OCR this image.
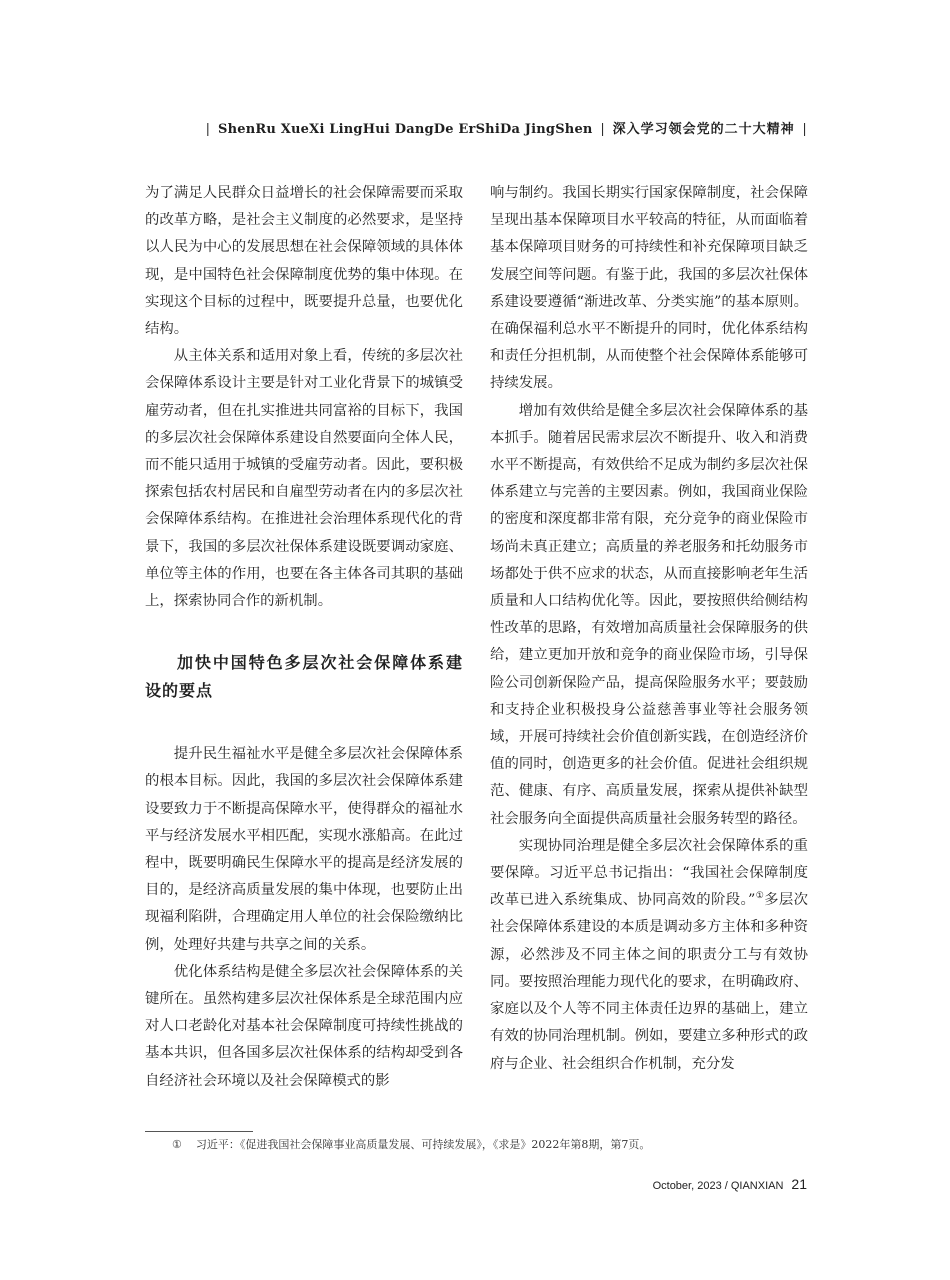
| ShenRu XueXi LingHui DangDe ErShiDa JingShen | 深入学习领会党的二十大精神 |

为了满足人民群众日益增长的社会保障需要而采取的改革方略，是社会主义制度的必然要求，是坚持以人民为中心的发展思想在社会保障领域的具体体现，是中国特色社会保障制度优势的集中体现。在实现这个目标的过程中，既要提升总量，也要优化结构。

从主体关系和适用对象上看，传统的多层次社会保障体系设计主要是针对工业化背景下的城镇受雇劳动者，但在扎实推进共同富裕的目标下，我国的多层次社会保障体系建设自然要面向全体人民，而不能只适用于城镇的受雇劳动者。因此，要积极探索包括农村居民和自雇型劳动者在内的多层次社会保障体系结构。在推进社会治理体系现代化的背景下，我国的多层次社保体系建设既要调动家庭、单位等主体的作用，也要在各主体各司其职的基础上，探索协同合作的新机制。

加快中国特色多层次社会保障体系建设的要点

提升民生福祉水平是健全多层次社会保障体系的根本目标。因此，我国的多层次社会保障体系建设要致力于不断提高保障水平，使得群众的福祉水平与经济发展水平相匹配，实现水涨船高。在此过程中，既要明确民生保障水平的提高是经济发展的目的，是经济高质量发展的集中体现，也要防止出现福利陷阱，合理确定用人单位的社会保险缴纳比例，处理好共建与共享之间的关系。

优化体系结构是健全多层次社会保障体系的关键所在。虽然构建多层次社保体系是全球范围内应对人口老龄化对基本社会保障制度可持续性挑战的基本共识，但各国多层次社保体系的结构却受到各自经济社会环境以及社会保障模式的影

响与制约。我国长期实行国家保障制度，社会保障呈现出基本保障项目水平较高的特征，从而面临着基本保障项目财务的可持续性和补充保障项目缺乏发展空间等问题。有鉴于此，我国的多层次社保体系建设要遵循“渐进改革、分类实施”的基本原则。在确保福利总水平不断提升的同时，优化体系结构和责任分担机制，从而使整个社会保障体系能够可持续发展。

增加有效供给是健全多层次社会保障体系的基本抓手。随着居民需求层次不断提升、收入和消费水平不断提高，有效供给不足成为制约多层次社保体系建立与完善的主要因素。例如，我国商业保险的密度和深度都非常有限，充分竞争的商业保险市场尚未真正建立；高质量的养老服务和托幼服务市场都处于供不应求的状态，从而直接影响老年生活质量和人口结构优化等。因此，要按照供给侧结构性改革的思路，有效增加高质量社会保障服务的供给，建立更加开放和竞争的商业保险市场，引导保险公司创新保险产品，提高保险服务水平；要鼓励和支持企业积极投身公益慈善事业等社会服务领域，开展可持续社会价值创新实践，在创造经济价值的同时，创造更多的社会价值。促进社会组织规范、健康、有序、高质量发展，探索从提供补缺型社会服务向全面提供高质量社会服务转型的路径。

实现协同治理是健全多层次社会保障体系的重要保障。习近平总书记指出：“我国社会保障制度改革已进入系统集成、协同高效的阶段。”①多层次社会保障体系建设的本质是调动多方主体和多种资源，必然涉及不同主体之间的职责分工与有效协同。要按照治理能力现代化的要求，在明确政府、家庭以及个人等不同主体责任边界的基础上，建立有效的协同治理机制。例如，要建立多种形式的政府与企业、社会组织合作机制，充分发

① 习近平：《促进我国社会保障事业高质量发展、可持续发展》，《求是》2022年第8期，第7页。
October, 2023 / QIANXIAN 21
